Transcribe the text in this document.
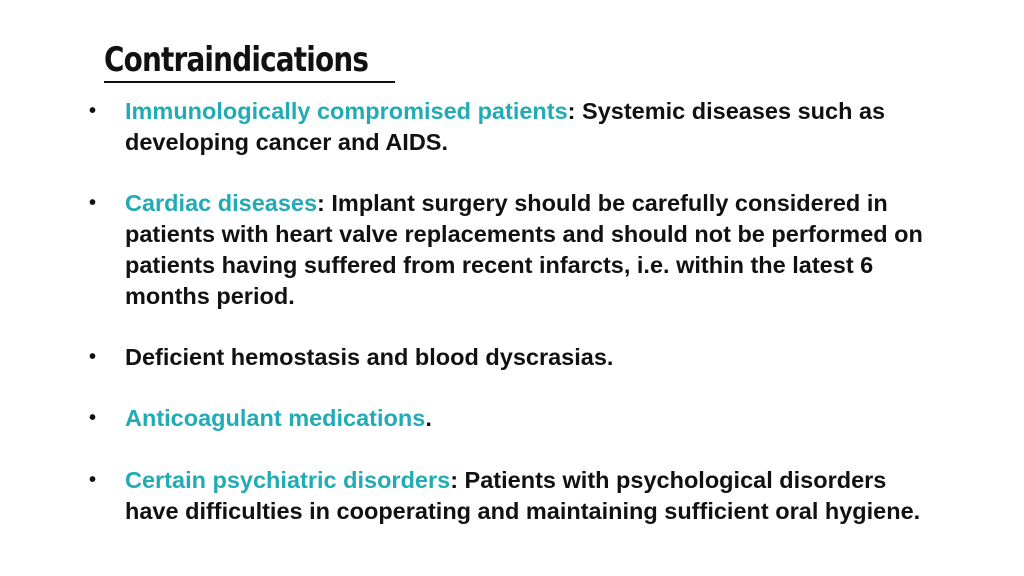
Contraindications
• Immunologically compromised patients: Systemic diseases such as developing cancer and AIDS.
• Cardiac diseases: Implant surgery should be carefully considered in patients with heart valve replacements and should not be performed on patients having suffered from recent infarcts, i.e. within the latest 6 months period.
• Deficient hemostasis and blood dyscrasias.
• Anticoagulant medications.
• Certain psychiatric disorders: Patients with psychological disorders have difficulties in cooperating and maintaining sufficient oral hygiene.
